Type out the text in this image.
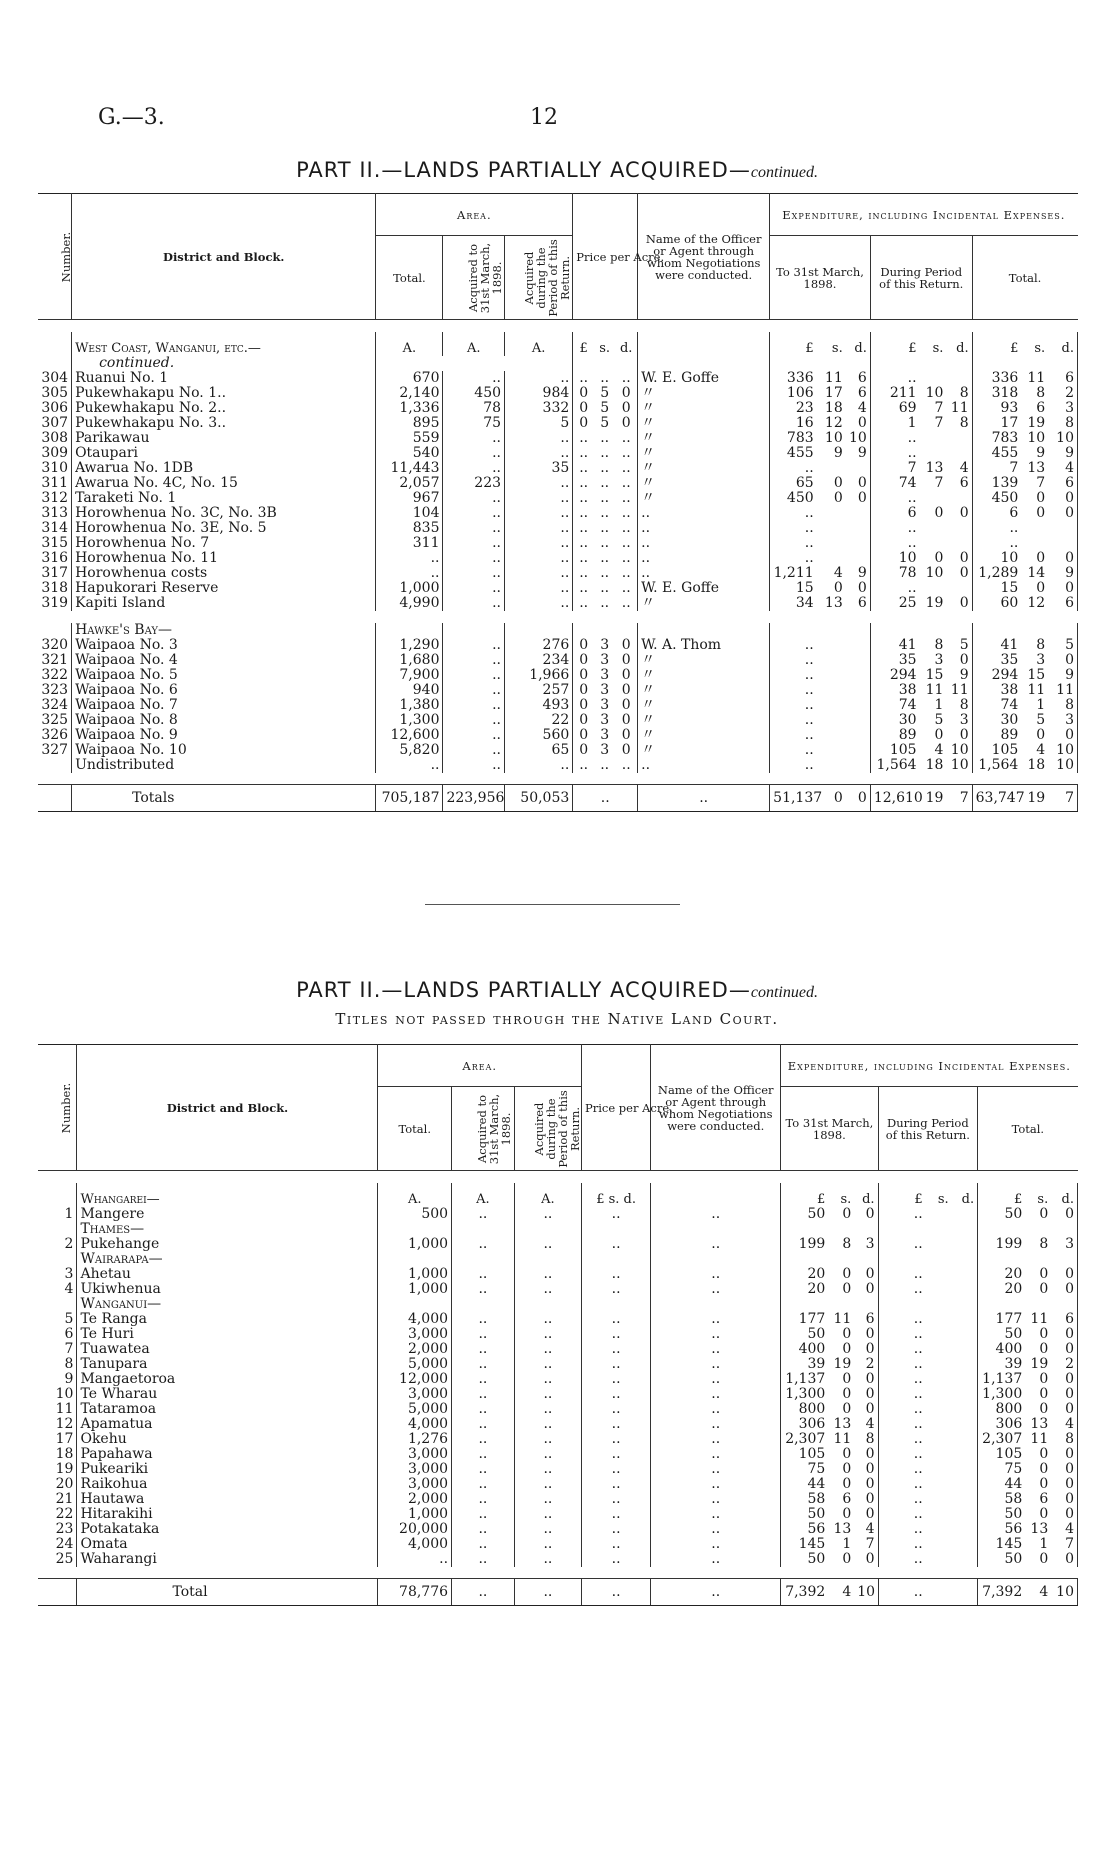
G.—3.	12
PART II.—LANDS PARTIALLY ACQUIRED—continued.
Number.	District and Block.	Area.			Price per Acre.			Name of the Officer or Agent through whom Negotiations were conducted.	Expenditure, including Incidental Expenses.								
		Total.	Acquired to 31st March, 1898.	Acquired during the Period of this Return.					To 31st March, 1898.			During Period of this Return.			Total.		

	West Coast, Wanganui, etc.—	A.	A.	A.	£	s.	d.		£	s.	d.	£	s.	d.	£	s.	d.
	continued.																
304	Ruanui No. 1	670	..	..	..	..	..	W. E. Goffe	336	11	6	..			336	11	6
305	Pukewhakapu No. 1..	2,140	450	984	0	5	0	〃	106	17	6	211	10	8	318	8	2
306	Pukewhakapu No. 2..	1,336	78	332	0	5	0	〃	23	18	4	69	7	11	93	6	3
307	Pukewhakapu No. 3..	895	75	5	0	5	0	〃	16	12	0	1	7	8	17	19	8
308	Parikawau	559	..	..	..	..	..	〃	783	10	10	..			783	10	10
309	Otaupari	540	..	..	..	..	..	〃	455	9	9	..			455	9	9
310	Awarua No. 1DB	11,443	..	35	..	..	..	〃	..			7	13	4	7	13	4
311	Awarua No. 4C, No. 15	2,057	223	..	..	..	..	〃	65	0	0	74	7	6	139	7	6
312	Taraketi No. 1	967	..	..	..	..	..	〃	450	0	0	..			450	0	0
313	Horowhenua No. 3C, No. 3B	104	..	..	..	..	..	..	..			6	0	0	6	0	0
314	Horowhenua No. 3E, No. 5	835	..	..	..	..	..	..	..			..			..		
315	Horowhenua No. 7	311	..	..	..	..	..	..	..			..			..		
316	Horowhenua No. 11	..	..	..	..	..	..	..	..			10	0	0	10	0	0
317	Horowhenua costs	..	..	..	..	..	..	..	1,211	4	9	78	10	0	1,289	14	9
318	Hapukorari Reserve	1,000	..	..	..	..	..	W. E. Goffe	15	0	0	..			15	0	0
319	Kapiti Island	4,990	..	..	..	..	..	〃	34	13	6	25	19	0	60	12	6

	Hawke's Bay—																
320	Waipaoa No. 3	1,290	..	276	0	3	0	W. A. Thom	..			41	8	5	41	8	5
321	Waipaoa No. 4	1,680	..	234	0	3	0	〃	..			35	3	0	35	3	0
322	Waipaoa No. 5	7,900	..	1,966	0	3	0	〃	..			294	15	9	294	15	9
323	Waipaoa No. 6	940	..	257	0	3	0	〃	..			38	11	11	38	11	11
324	Waipaoa No. 7	1,380	..	493	0	3	0	〃	..			74	1	8	74	1	8
325	Waipaoa No. 8	1,300	..	22	0	3	0	〃	..			30	5	3	30	5	3
326	Waipaoa No. 9	12,600	..	560	0	3	0	〃	..			89	0	0	89	0	0
327	Waipaoa No. 10	5,820	..	65	0	3	0	〃	..			105	4	10	105	4	10
	Undistributed	..	..	..	..	..	..	..	..			1,564	18	10	1,564	18	10

	Totals	705,187	223,956	50,053	..			..	51,137	0	0	12,610	19	7	63,747	19	7
PART II.—LANDS PARTIALLY ACQUIRED—continued.
Titles not passed through the Native Land Court.
Number.	District and Block.	Area.			Price per Acre.	Name of the Officer or Agent through whom Negotiations were conducted.	Expenditure, including Incidental Expenses.								
		Total.	Acquired to 31st March, 1898.	Acquired during the Period of this Return.			To 31st March, 1898.			During Period of this Return.			Total.		

	Whangarei—	A.	A.	A.	£ s. d.		£	s.	d.	£	s.	d.	£	s.	d.
1	Mangere	500	..	..	..	..	50	0	0	..			50	0	0
	Thames—														
2	Pukehange	1,000	..	..	..	..	199	8	3	..			199	8	3
	Wairarapa—														
3	Ahetau	1,000	..	..	..	..	20	0	0	..			20	0	0
4	Ukiwhenua	1,000	..	..	..	..	20	0	0	..			20	0	0
	Wanganui—														
5	Te Ranga	4,000	..	..	..	..	177	11	6	..			177	11	6
6	Te Huri	3,000	..	..	..	..	50	0	0	..			50	0	0
7	Tuawatea	2,000	..	..	..	..	400	0	0	..			400	0	0
8	Tanupara	5,000	..	..	..	..	39	19	2	..			39	19	2
9	Mangaetoroa	12,000	..	..	..	..	1,137	0	0	..			1,137	0	0
10	Te Wharau	3,000	..	..	..	..	1,300	0	0	..			1,300	0	0
11	Tataramoa	5,000	..	..	..	..	800	0	0	..			800	0	0
12	Apamatua	4,000	..	..	..	..	306	13	4	..			306	13	4
17	Okehu	1,276	..	..	..	..	2,307	11	8	..			2,307	11	8
18	Papahawa	3,000	..	..	..	..	105	0	0	..			105	0	0
19	Pukeariki	3,000	..	..	..	..	75	0	0	..			75	0	0
20	Raikohua	3,000	..	..	..	..	44	0	0	..			44	0	0
21	Hautawa	2,000	..	..	..	..	58	6	0	..			58	6	0
22	Hitarakihi	1,000	..	..	..	..	50	0	0	..			50	0	0
23	Potakataka	20,000	..	..	..	..	56	13	4	..			56	13	4
24	Omata	4,000	..	..	..	..	145	1	7	..			145	1	7
25	Waharangi	..	..	..	..	..	50	0	0	..			50	0	0

	Total	78,776	..	..	..	..	7,392	4	10	..			7,392	4	10
